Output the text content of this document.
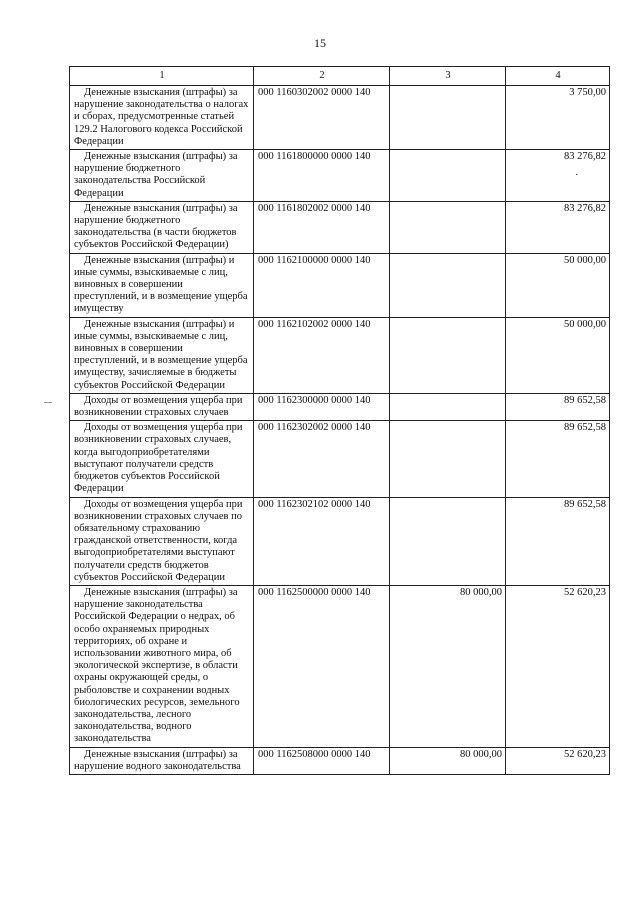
15
1	2	3	4
Денежные взыскания (штрафы) за нарушение законодательства о налогах и сборах, предусмотренные статьей 129.2 Налогового кодекса Российской Федерации	000 1160302002 0000 140		3 750,00
Денежные взыскания (штрафы) за нарушение бюджетного законодательства Российской Федерации	000 1161800000 0000 140		83 276,82
.

Денежные взыскания (штрафы) за нарушение бюджетного законодательства (в части бюджетов субъектов Российской Федерации)	000 1161802002 0000 140		83 276,82
Денежные взыскания (штрафы) и иные суммы, взыскиваемые с лиц, виновных в совершении преступлений, и в возмещение ущерба имуществу	000 1162100000 0000 140		50 000,00
Денежные взыскания (штрафы) и иные суммы, взыскиваемые с лиц, виновных в совершении преступлений, и в возмещение ущерба имуществу, зачисляемые в бюджеты субъектов Российской Федерации	000 1162102002 0000 140		50 000,00
Доходы от возмещения ущерба при возникновении страховых случаев	000 1162300000 0000 140		89 652,58
Доходы от возмещения ущерба при возникновении страховых случаев, когда выгодоприобретателями выступают получатели средств бюджетов субъектов Российской Федерации	000 1162302002 0000 140		89 652,58
Доходы от возмещения ущерба при возникновении страховых случаев по обязательному страхованию гражданской ответственности, когда выгодоприобретателями выступают получатели средств бюджетов субъектов Российской Федерации	000 1162302102 0000 140		89 652,58
Денежные взыскания (штрафы) за нарушение законодательства Российской Федерации о недрах, об особо охраняемых природных территориях, об охране и использовании животного мира, об экологической экспертизе, в области охраны окружающей среды, о рыболовстве и сохранении водных биологических ресурсов, земельного законодательства, лесного законодательства, водного законодательства	000 1162500000 0000 140	80 000,00	52 620,23
Денежные взыскания (штрафы) за нарушение водного законодательства	000 1162508000 0000 140	80 000,00	52 620,23
